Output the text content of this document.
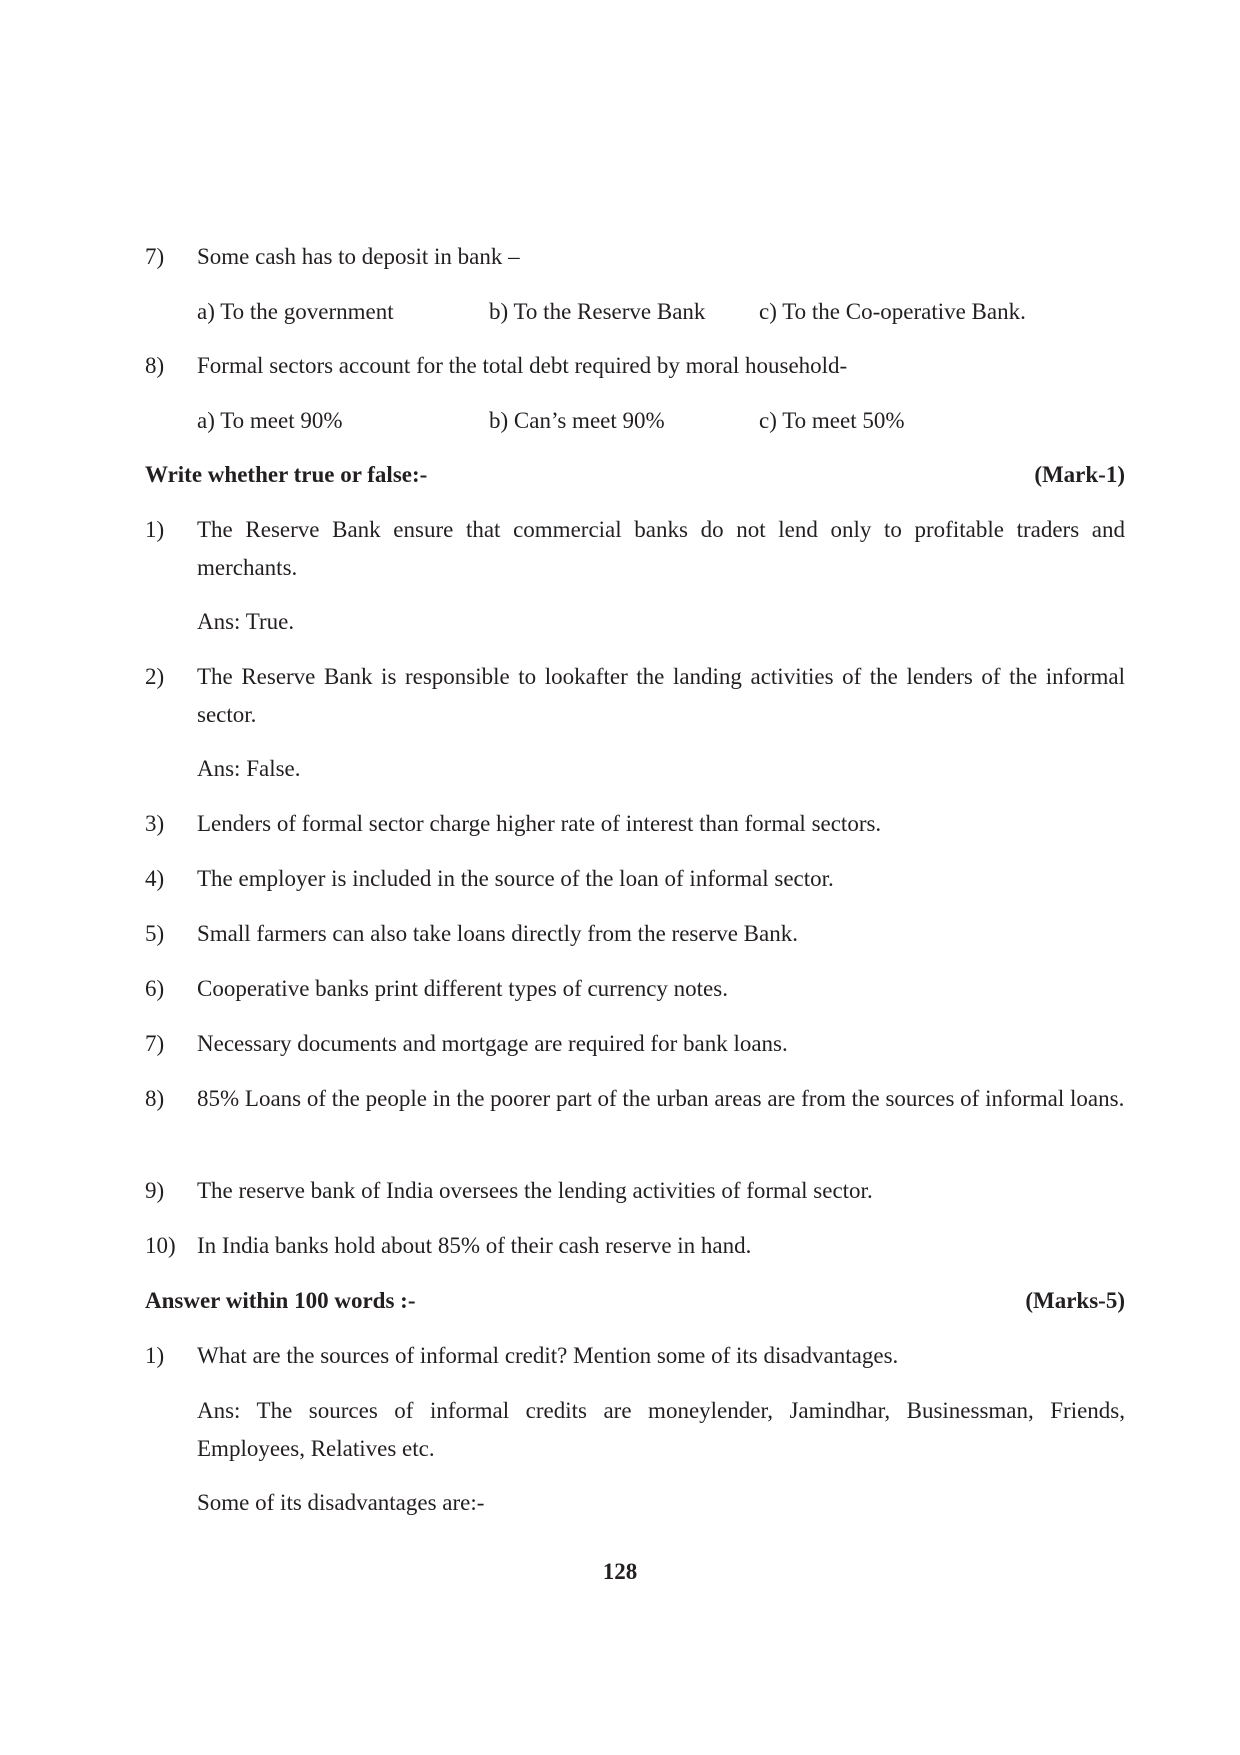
7) Some cash has to deposit in bank –
a) To the government	b) To the Reserve Bank c) To the Co-operative Bank.
8) Formal sectors account for the total debt required by moral household-
a) To meet 90%	b) Can’s meet 90%	c) To meet 50%
Write whether true or false:-	(Mark-1)
1) The Reserve Bank ensure that commercial banks do not lend only to profitable traders and merchants.
Ans: True.
2) The Reserve Bank is responsible to lookafter the landing activities of the lenders of the informal sector.
Ans: False.
3) Lenders of formal sector charge higher rate of interest than formal sectors.
4) The employer is included in the source of the loan of informal sector.
5) Small farmers can also take loans directly from the reserve Bank.
6) Cooperative banks print different types of currency notes.
7) Necessary documents and mortgage are required for bank loans.
8) 85% Loans of the people in the poorer part of the urban areas are from the sources of informal loans.
9) The reserve bank of India oversees the lending activities of formal sector.
10) In India banks hold about 85% of their cash reserve in hand.
Answer within 100 words :-	(Marks-5)
1) What are the sources of informal credit? Mention some of its disadvantages.
Ans: The sources of informal credits are moneylender, Jamindhar, Businessman, Friends, Employees, Relatives etc.
Some of its disadvantages are:-
128
